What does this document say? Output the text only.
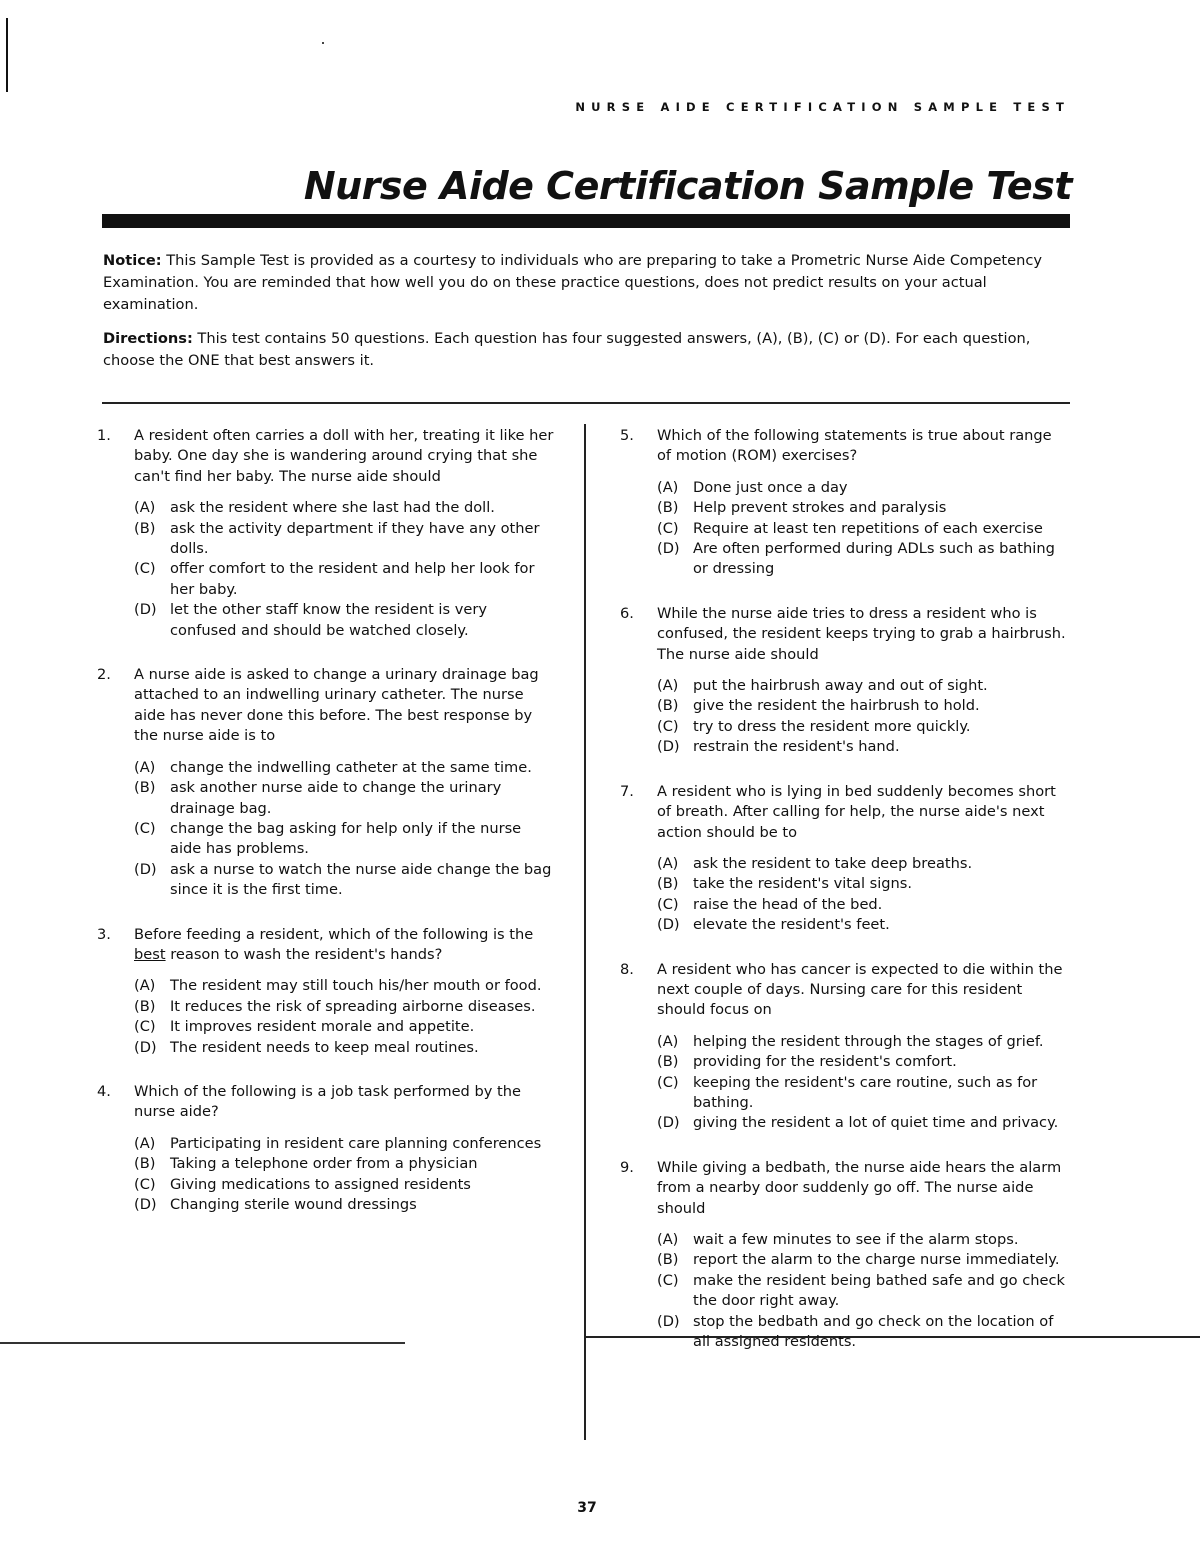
NURSE AIDE CERTIFICATION SAMPLE TEST
Nurse Aide Certification Sample Test

Notice: This Sample Test is provided as a courtesy to individuals who are preparing to take a Prometric Nurse Aide Competency Examination. You are reminded that how well you do on these practice questions, does not predict results on your actual examination.

Directions: This test contains 50 questions. Each question has four suggested answers, (A), (B), (C) or (D). For each question, choose the ONE that best answers it.

1.	A resident often carries a doll with her, treating it like her baby. One day she is wandering around crying that she can't find her baby. The nurse aide should
(A)	ask the resident where she last had the doll.
(B) ask the activity department if they have any other dolls.
(C) offer comfort to the resident and help her look for her baby.
(D) let the other staff know the resident is very confused and should be watched closely.
2.	A nurse aide is asked to change a urinary drainage bag attached to an indwelling urinary catheter. The nurse aide has never done this before. The best response by the nurse aide is to
(A)	change the indwelling catheter at the same time.
(B) ask another nurse aide to change the urinary drainage bag.
(C) change the bag asking for help only if the nurse aide has problems.
(D) ask a nurse to watch the nurse aide change the bag since it is the first time.
3.	Before feeding a resident, which of the following is the best reason to wash the resident's hands?
(A)	The resident may still touch his/her mouth or food.
(B) It reduces the risk of spreading airborne diseases.
(C) It improves resident morale and appetite.
(D) The resident needs to keep meal routines.
4.	Which of the following is a job task performed by the nurse aide?
(A)	Participating in resident care planning conferences
(B) Taking a telephone order from a physician
(C) Giving medications to assigned residents
(D) Changing sterile wound dressings
5.	Which of the following statements is true about range of motion (ROM) exercises?
(A)	Done just once a day
(B) Help prevent strokes and paralysis
(C) Require at least ten repetitions of each exercise
(D) Are often performed during ADLs such as bathing or dressing
6.	While the nurse aide tries to dress a resident who is confused, the resident keeps trying to grab a hairbrush. The nurse aide should
(A)	put the hairbrush away and out of sight.
(B) give the resident the hairbrush to hold.
(C) try to dress the resident more quickly.
(D) restrain the resident's hand.
7.	A resident who is lying in bed suddenly becomes short of breath. After calling for help, the nurse aide's next action should be to
(A)	ask the resident to take deep breaths.
(B) take the resident's vital signs.
(C) raise the head of the bed.
(D) elevate the resident's feet.
8.	A resident who has cancer is expected to die within the next couple of days. Nursing care for this resident should focus on
(A)	helping the resident through the stages of grief.
(B) providing for the resident's comfort.
(C) keeping the resident's care routine, such as for bathing.
(D) giving the resident a lot of quiet time and privacy.
9.	While giving a bedbath, the nurse aide hears the alarm from a nearby door suddenly go off. The nurse aide should
(A)	wait a few minutes to see if the alarm stops.
(B) report the alarm to the charge nurse immediately.
(C) make the resident being bathed safe and go check the door right away.
(D) stop the bedbath and go check on the location of all assigned residents.
37
